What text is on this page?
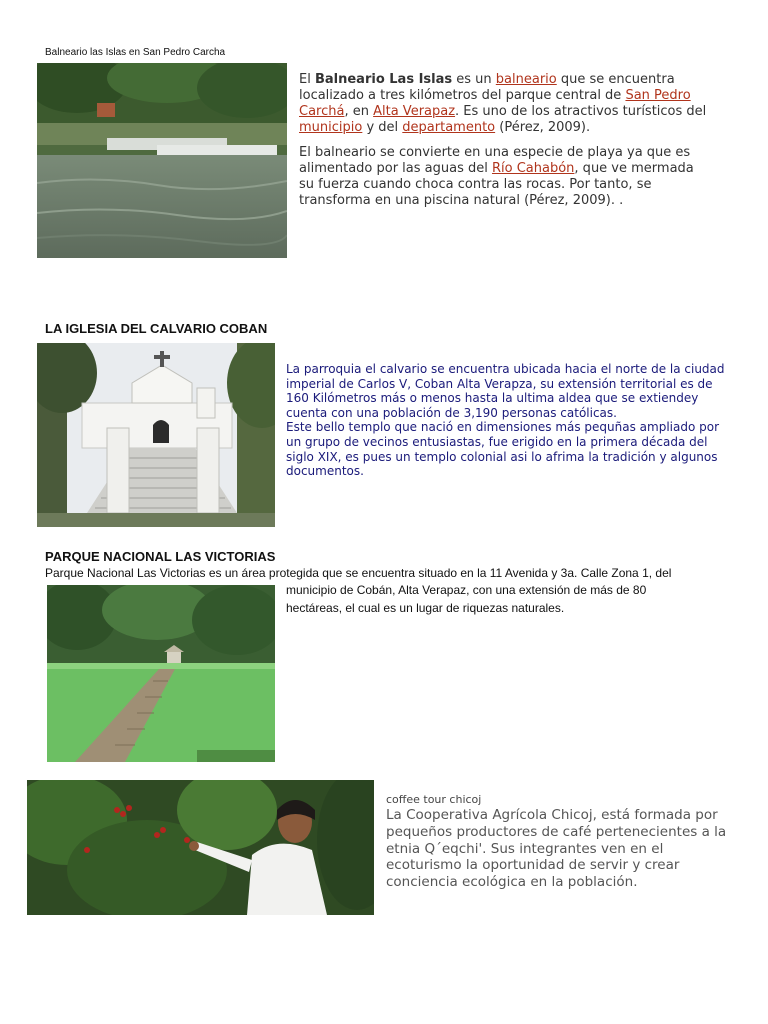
Balneario las Islas en San Pedro Carcha

El Balneario Las Islas es un balneario que se encuentra localizado a tres kilómetros del parque central de San Pedro Carchá, en Alta Verapaz. Es uno de los atractivos turísticos del municipio y del departamento (Pérez, 2009).

El balneario se convierte en una especie de playa ya que es alimentado por las aguas del Río Cahabón, que ve mermada su fuerza cuando choca contra las rocas. Por tanto, se transforma en una piscina natural (Pérez, 2009). .

LA IGLESIA DEL CALVARIO COBAN

La parroquia el calvario se encuentra ubicada hacia el norte de la ciudad imperial de Carlos V, Coban Alta Verapza, su extensión territorial es de 160 Kilómetros más o menos hasta la ultima aldea que se extiendey cuenta con una población de 3,190 personas católicas.

Este bello templo que nació en dimensiones más pequñas ampliado por un grupo de vecinos entusiastas, fue erigido en la primera década del siglo XIX, es pues un templo colonial asi lo afrima la tradición y algunos documentos.

PARQUE NACIONAL LAS VICTORIAS
Parque Nacional Las Victorias es un área protegida que se encuentra situado en la 11 Avenida y 3a. Calle Zona 1, del
municipio de Cobán, Alta Verapaz, con una extensión de más de 80
hectáreas, el cual es un lugar de riquezas naturales.
coffee tour chicoj
La Cooperativa Agrícola Chicoj, está formada por pequeños productores de café pertenecientes a la etnia Q´eqchi'. Sus integrantes ven en el ecoturismo la oportunidad de servir y crear conciencia ecológica en la población.
